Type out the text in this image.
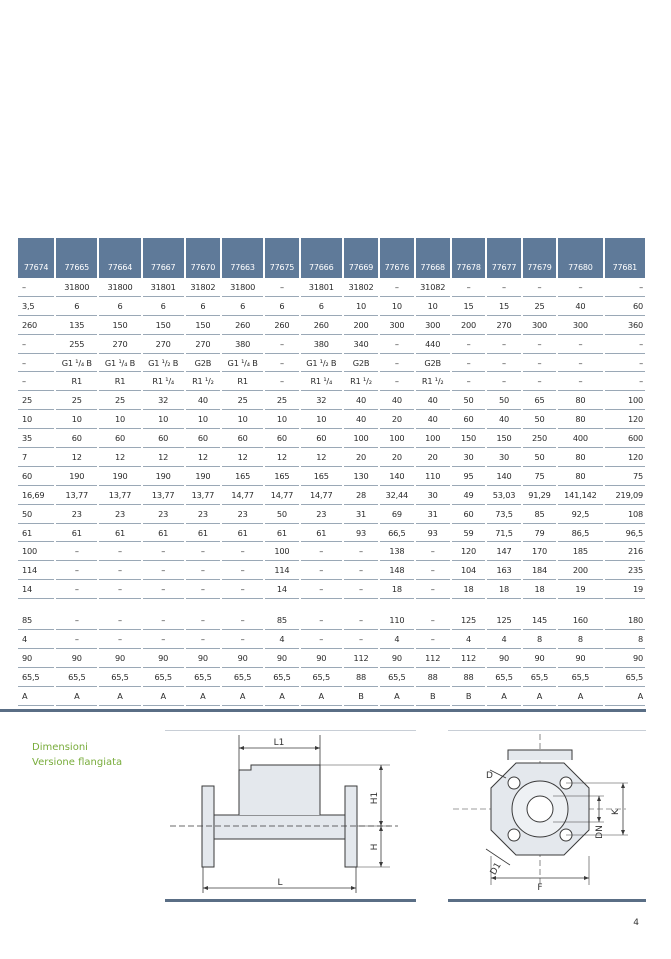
77674	77665	77664	77667	77670	77663	77675	77666	77669	77676	77668	77678	77677	77679	77680	77681
–	31800	31800	31801	31802	31800	–	31801	31802	–	31082	–	–	–	–	–
3,5	6	6	6	6	6	6	6	10	10	10	15	15	25	40	60
260	135	150	150	150	260	260	260	200	300	300	200	270	300	300	360
–	255	270	270	270	380	–	380	340	–	440	–	–	–	–	–
–	G1 ¹/₄ B	G1 ¹/₄ B	G1 ¹/₂ B	G2B	G1 ¹/₄ B	–	G1 ¹/₂ B	G2B	–	G2B	–	–	–	–	–
–	R1	R1	R1 ¹/₄	R1 ¹/₂	R1	–	R1 ¹/₄	R1 ¹/₂	–	R1 ¹/₂	–	–	–	–	–
25	25	25	32	40	25	25	32	40	40	40	50	50	65	80	100
10	10	10	10	10	10	10	10	40	20	40	60	40	50	80	120
35	60	60	60	60	60	60	60	100	100	100	150	150	250	400	600
7	12	12	12	12	12	12	12	20	20	20	30	30	50	80	120
60	190	190	190	190	165	165	165	130	140	110	95	140	75	80	75
16,69	13,77	13,77	13,77	13,77	14,77	14,77	14,77	28	32,44	30	49	53,03	91,29	141,142	219,09
50	23	23	23	23	23	50	23	31	69	31	60	73,5	85	92,5	108
61	61	61	61	61	61	61	61	93	66,5	93	59	71,5	79	86,5	96,5
100	–	–	–	–	–	100	–	–	138	–	120	147	170	185	216
114	–	–	–	–	–	114	–	–	148	–	104	163	184	200	235
14	–	–	–	–	–	14	–	–	18	–	18	18	18	19	19

85	–	–	–	–	–	85	–	–	110	–	125	125	145	160	180
4	–	–	–	–	–	4	–	–	4	–	4	4	8	8	8
90	90	90	90	90	90	90	90	112	90	112	112	90	90	90	90
65,5	65,5	65,5	65,5	65,5	65,5	65,5	65,5	88	65,5	88	88	65,5	65,5	65,5	65,5
A	A	A	A	A	A	A	A	B	A	B	B	A	A	A	A
Dimensioni
Versione flangiata
L1
H1
H
L
D
K
DN
D1
F
4
